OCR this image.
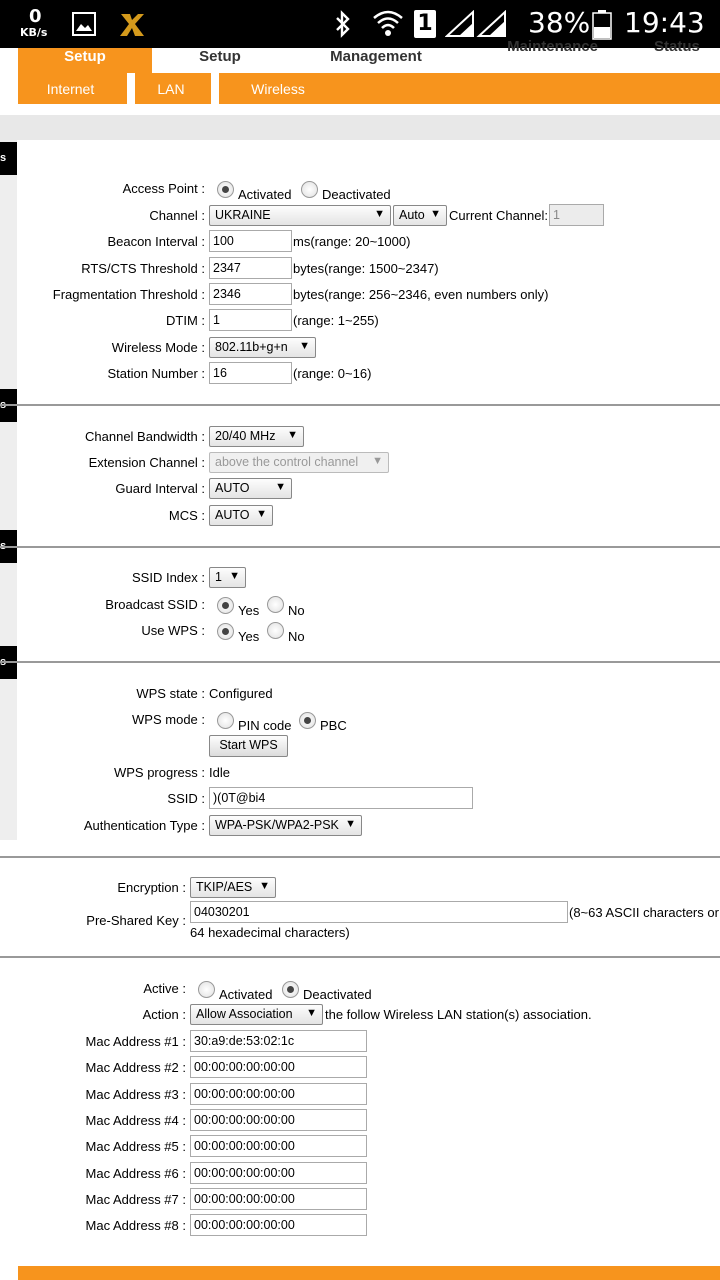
0
KB/s	1	38% 19:43
Setup	Setup	Management
Maintenance	Status
Internet	LAN	Wireless
s
Access Point :	Activated Deactivated
Channel : UKRAINE	▼	Auto ▼ Current Channel: 1
Beacon Interval : 100	ms(range: 20~1000)
RTS/CTS Threshold : 2347	bytes(range: 1500~2347)
Fragmentation Threshold : 2346	bytes(range: 256~2346, even numbers only)
DTIM : 1	(range: 1~255)
Wireless Mode : 802.11b+g+n ▼
Station Number : 16	(range: 0~16)
Channel Bandwidth : 20/40 MHz ▼
Extension Channel : above the control channel ▼
Guard Interval : AUTO ▼
MCS : AUTO ▼
SSID Index : 1 ▼
Broadcast SSID :	Yes No
Use WPS :	Yes No
WPS state : Configured
WPS mode :	PIN code PBC
Start WPS
WPS progress : Idle
SSID : )(0T@bi4
Authentication Type : WPA-PSK/WPA2-PSK ▼
Encryption : TKIP/AES ▼
Pre-Shared Key :
04030201	(8~63 ASCII characters or
64 hexadecimal characters)
Active :	Activated Deactivated
Action : Allow Association ▼ the follow Wireless LAN station(s) association.
Mac Address #1 : 30:a9:de:53:02:1c
Mac Address #2 : 00:00:00:00:00:00
Mac Address #3 : 00:00:00:00:00:00
Mac Address #4 : 00:00:00:00:00:00
Mac Address #5 : 00:00:00:00:00:00
Mac Address #6 : 00:00:00:00:00:00
Mac Address #7 : 00:00:00:00:00:00
Mac Address #8 : 00:00:00:00:00:00
